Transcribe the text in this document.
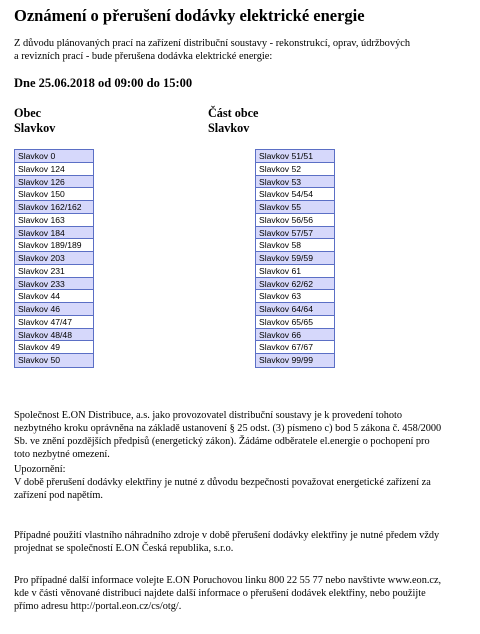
Oznámení o přerušení dodávky elektrické energie
Z důvodu plánovaných prací na zařízení distribuční soustavy - rekonstrukcí, oprav, údržbových
a revizních prací - bude přerušena dodávka elektrické energie:
Dne 25.06.2018 od 09:00 do 15:00
Obec
Slavkov
Část obce
Slavkov
Slavkov 0
Slavkov 124
Slavkov 126
Slavkov 150
Slavkov 162/162
Slavkov 163
Slavkov 184
Slavkov 189/189
Slavkov 203
Slavkov 231
Slavkov 233
Slavkov 44
Slavkov 46
Slavkov 47/47
Slavkov 48/48
Slavkov 49
Slavkov 50
Slavkov 51/51
Slavkov 52
Slavkov 53
Slavkov 54/54
Slavkov 55
Slavkov 56/56
Slavkov 57/57
Slavkov 58
Slavkov 59/59
Slavkov 61
Slavkov 62/62
Slavkov 63
Slavkov 64/64
Slavkov 65/65
Slavkov 66
Slavkov 67/67
Slavkov 99/99
Společnost E.ON Distribuce, a.s. jako provozovatel distribuční soustavy je k provedení tohoto
nezbytného kroku oprávněna na základě ustanovení § 25 odst. (3) písmeno c) bod 5 zákona č. 458/2000
Sb. ve znění pozdějších předpisů (energetický zákon). Žádáme odběratele el.energie o pochopení pro
toto nezbytné omezení.
Upozornění:
V době přerušení dodávky elektřiny je nutné z důvodu bezpečnosti považovat energetické zařízení za
zařízení pod napětím.
Případné použití vlastního náhradního zdroje v době přerušení dodávky elektřiny je nutné předem vždy
projednat se společností E.ON Česká republika, s.r.o.
Pro případné další informace volejte E.ON Poruchovou linku 800 22 55 77 nebo navštivte www.eon.cz,
kde v části věnované distribuci najdete další informace o přerušení dodávek elektřiny, nebo použijte
přímo adresu http://portal.eon.cz/cs/otg/.
